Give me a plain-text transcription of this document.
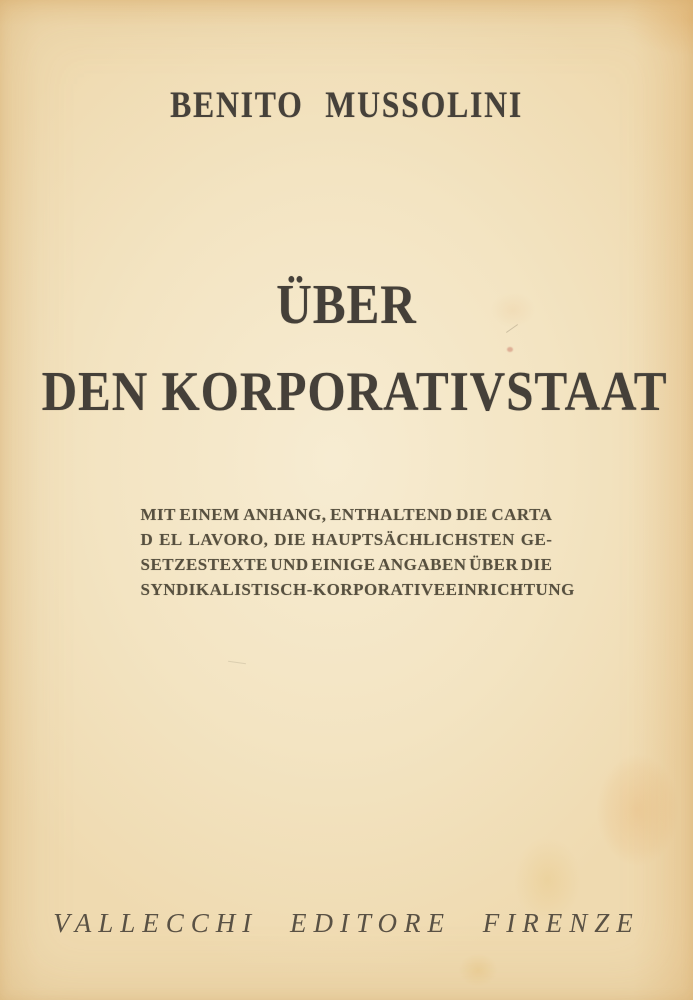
BENITO MUSSOLINI
ÜBER
DEN KORPORATIVSTAAT
MIT EINEM ANHANG, ENTHALTEND DIE CARTA
D EL LAVORO, DIE HAUPTSÄCHLICHSTEN GE-
SETZESTEXTE UND EINIGE ANGABEN ÜBER DIE
SYNDIKALISTISCH-KORPORATIVE EINRICHTUNG
VALLECCHI EDITORE FIRENZE
